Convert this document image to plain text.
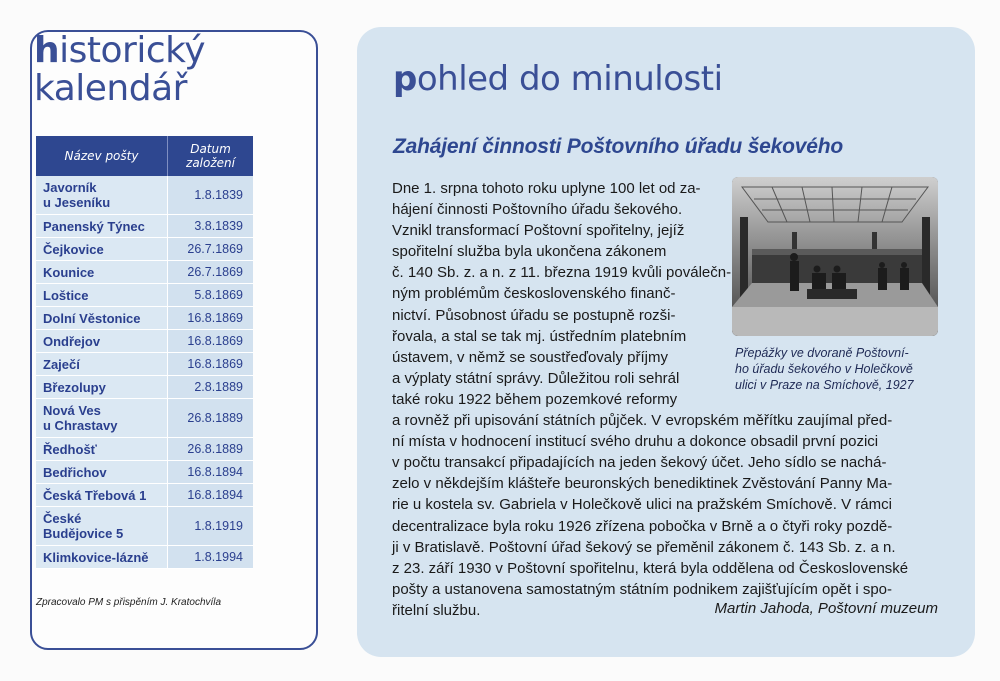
historický
kalendář
Název pošty	Datum
založení
Javorník
u Jeseníku	1.8.1839
Panenský Týnec	3.8.1839
Čejkovice	26.7.1869
Kounice	26.7.1869
Loštice	5.8.1869
Dolní Věstonice	16.8.1869
Ondřejov	16.8.1869
Zaječí	16.8.1869
Březolupy	2.8.1889
Nová Ves
u Chrastavy	26.8.1889
Ředhošť	26.8.1889
Bedřichov	16.8.1894
Česká Třebová 1	16.8.1894
České
Budějovice 5	1.8.1919
Klimkovice-lázně	1.8.1994
Zpracovalo PM s přispěním J. Kratochvíla
pohled do minulosti
Zahájení činnosti Poštovního úřadu šekového

Přepážky ve dvoraně Poštovní-
ho úřadu šekového v Holečkově
ulici v Praze na Smíchově, 1927

Dne 1. srpna tohoto roku uplyne 100 let od za-
hájení činnosti Poštovního úřadu šekového.
Vznikl transformací Poštovní spořitelny, jejíž
spořitelní služba byla ukončena zákonem
č. 140 Sb. z. a n. z 11. března 1919 kvůli poválečn-
ným problémům československého finanč-
nictví. Působnost úřadu se postupně rozši-
řovala, a stal se tak mj. ústředním platebním
ústavem, v němž se soustřeďovaly příjmy
a výplaty státní správy. Důležitou roli sehrál
také roku 1922 během pozemkové reformy
a rovněž při upisování státních půjček. V evropském měřítku zaujímal před-
ní místa v hodnocení institucí svého druhu a dokonce obsadil první pozici
v počtu transakcí připadajících na jeden šekový účet. Jeho sídlo se nachá-
zelo v někdejším klášteře beuronských benediktinek Zvěstování Panny Ma-
rie u kostela sv. Gabriela v Holečkově ulici na pražském Smíchově. V rámci
decentralizace byla roku 1926 zřízena pobočka v Brně a o čtyři roky pozdě-
ji v Bratislavě. Poštovní úřad šekový se přeměnil zákonem č. 143 Sb. z. a n.
z 23. září 1930 v Poštovní spořitelnu, která byla oddělena od Československé
pošty a ustanovena samostatným státním podnikem zajišťujícím opět i spo-
řitelní službu.	Martin Jahoda, Poštovní muzeum
